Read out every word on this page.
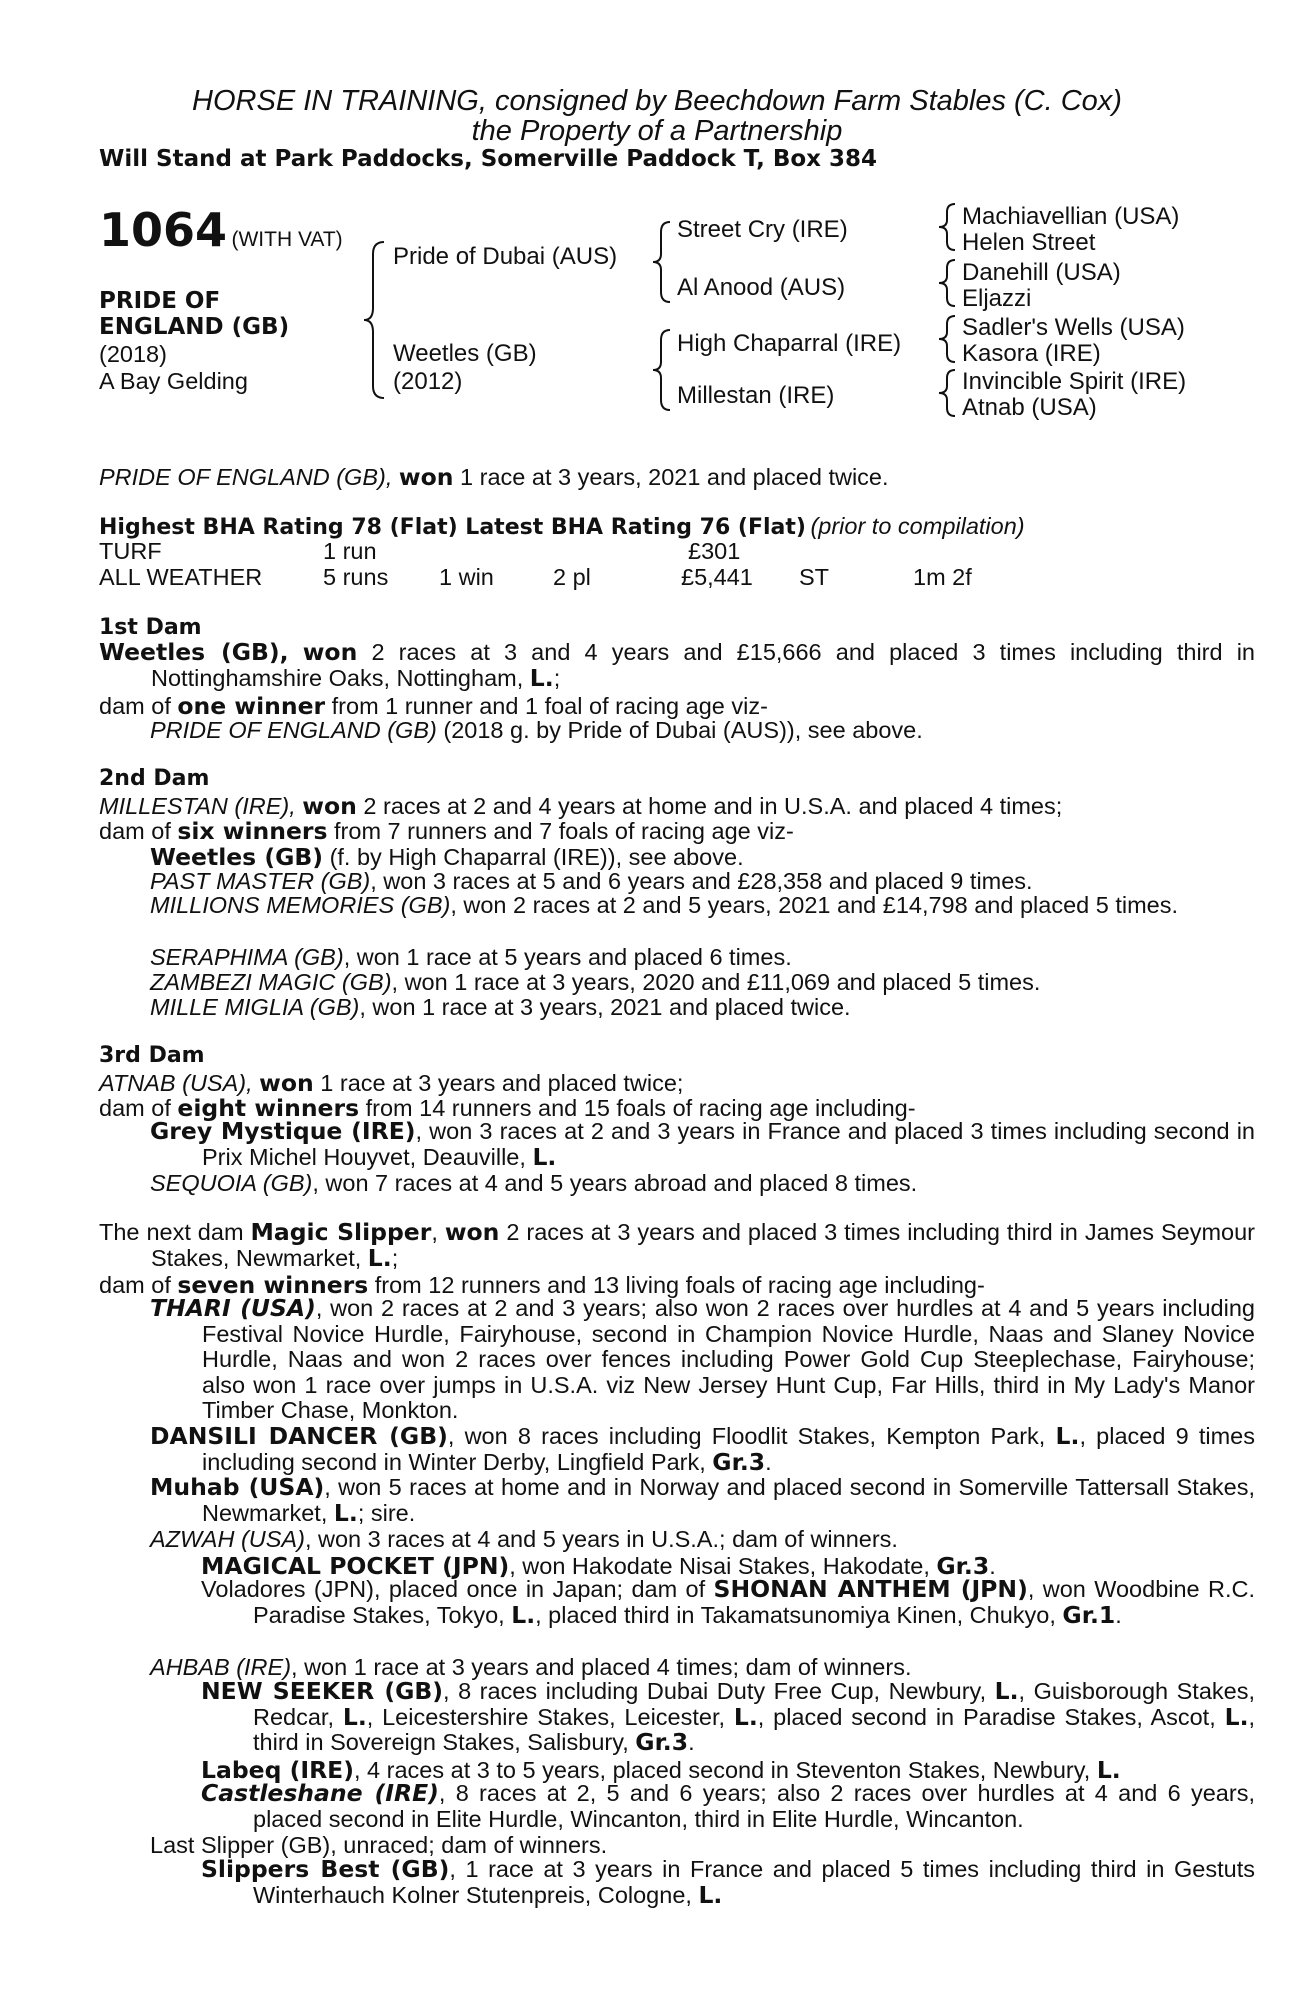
HORSE IN TRAINING, consigned by Beechdown Farm Stables (C. Cox)
the Property of a Partnership
Will Stand at Park Paddocks, Somerville Paddock T, Box 384
1064 (WITH VAT)
PRIDE OF
ENGLAND (GB)
(2018)
A Bay Gelding
Pride of Dubai (AUS)
Weetles (GB)
(2012)
Street Cry (IRE)
Al Anood (AUS)
High Chaparral (IRE)
Millestan (IRE)
Machiavellian (USA)
Helen Street
Danehill (USA)
Eljazzi
Sadler's Wells (USA)
Kasora (IRE)
Invincible Spirit (IRE)
Atnab (USA)
PRIDE OF ENGLAND (GB), won 1 race at 3 years, 2021 and placed twice.
Highest BHA Rating 78 (Flat) Latest BHA Rating 76 (Flat) (prior to compilation)
TURF	1 run	£301
ALL WEATHER	5 runs 1 win	2 pl	£5,441 ST	1m 2f
1st Dam
Weetles (GB), won 2 races at 3 and 4 years and £15,666 and placed 3 times including third in Nottinghamshire Oaks, Nottingham, L.;
dam of one winner from 1 runner and 1 foal of racing age viz-
PRIDE OF ENGLAND (GB) (2018 g. by Pride of Dubai (AUS)), see above.
2nd Dam
MILLESTAN (IRE), won 2 races at 2 and 4 years at home and in U.S.A. and placed 4 times;
dam of six winners from 7 runners and 7 foals of racing age viz-
Weetles (GB) (f. by High Chaparral (IRE)), see above.
PAST MASTER (GB), won 3 races at 5 and 6 years and £28,358 and placed 9 times.
MILLIONS MEMORIES (GB), won 2 races at 2 and 5 years, 2021 and £14,798 and placed 5 times.
SERAPHIMA (GB), won 1 race at 5 years and placed 6 times.
ZAMBEZI MAGIC (GB), won 1 race at 3 years, 2020 and £11,069 and placed 5 times.
MILLE MIGLIA (GB), won 1 race at 3 years, 2021 and placed twice.
3rd Dam
ATNAB (USA), won 1 race at 3 years and placed twice;
dam of eight winners from 14 runners and 15 foals of racing age including-
Grey Mystique (IRE), won 3 races at 2 and 3 years in France and placed 3 times including second in Prix Michel Houyvet, Deauville, L.
SEQUOIA (GB), won 7 races at 4 and 5 years abroad and placed 8 times.
The next dam Magic Slipper, won 2 races at 3 years and placed 3 times including third in James Seymour Stakes, Newmarket, L.;
dam of seven winners from 12 runners and 13 living foals of racing age including-
THARI (USA), won 2 races at 2 and 3 years; also won 2 races over hurdles at 4 and 5 years including Festival Novice Hurdle, Fairyhouse, second in Champion Novice Hurdle, Naas and Slaney Novice Hurdle, Naas and won 2 races over fences including Power Gold Cup Steeplechase, Fairyhouse; also won 1 race over jumps in U.S.A. viz New Jersey Hunt Cup, Far Hills, third in My Lady's Manor Timber Chase, Monkton.
DANSILI DANCER (GB), won 8 races including Floodlit Stakes, Kempton Park, L., placed 9 times including second in Winter Derby, Lingfield Park, Gr.3.
Muhab (USA), won 5 races at home and in Norway and placed second in Somerville Tattersall Stakes, Newmarket, L.; sire.
AZWAH (USA), won 3 races at 4 and 5 years in U.S.A.; dam of winners.
MAGICAL POCKET (JPN), won Hakodate Nisai Stakes, Hakodate, Gr.3.
Voladores (JPN), placed once in Japan; dam of SHONAN ANTHEM (JPN), won Woodbine R.C. Paradise Stakes, Tokyo, L., placed third in Takamatsunomiya Kinen, Chukyo, Gr.1.
AHBAB (IRE), won 1 race at 3 years and placed 4 times; dam of winners.
NEW SEEKER (GB), 8 races including Dubai Duty Free Cup, Newbury, L., Guisborough Stakes, Redcar, L., Leicestershire Stakes, Leicester, L., placed second in Paradise Stakes, Ascot, L., third in Sovereign Stakes, Salisbury, Gr.3.
Labeq (IRE), 4 races at 3 to 5 years, placed second in Steventon Stakes, Newbury, L.
Castleshane (IRE), 8 races at 2, 5 and 6 years; also 2 races over hurdles at 4 and 6 years, placed second in Elite Hurdle, Wincanton, third in Elite Hurdle, Wincanton.
Last Slipper (GB), unraced; dam of winners.
Slippers Best (GB), 1 race at 3 years in France and placed 5 times including third in Gestuts Winterhauch Kolner Stutenpreis, Cologne, L.
